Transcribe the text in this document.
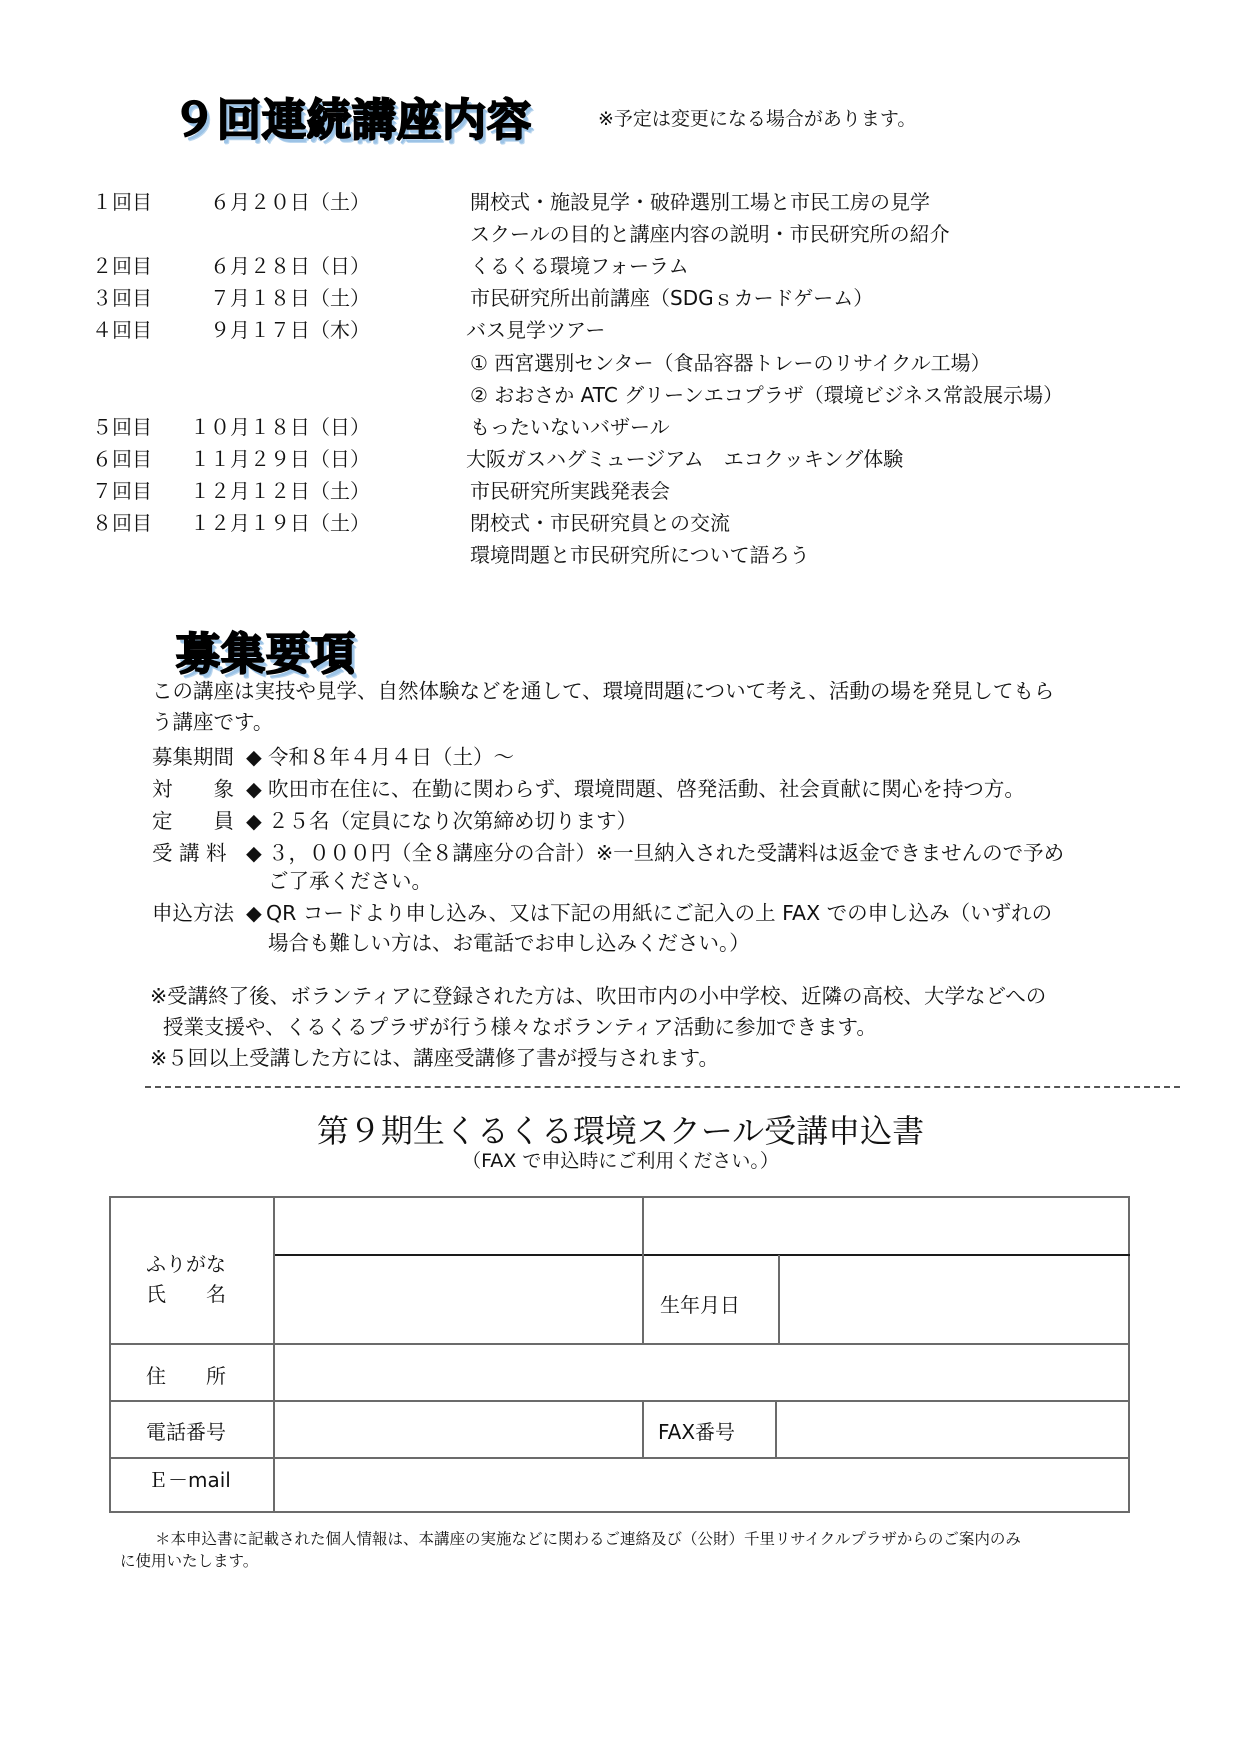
９回連続講座内容	※予定は変更になる場合があります。
１回目	６月２０日（土）	開校式・施設見学・破砕選別工場と市民工房の見学
スクールの目的と講座内容の説明・市民研究所の紹介
２回目	６月２８日（日）	くるくる環境フォーラム
３回目	７月１８日（土）	市民研究所出前講座（SDGｓカードゲーム）
４回目	９月１７日（木）	バス見学ツアー
① 西宮選別センター（食品容器トレーのリサイクル工場）
② おおさか ATC グリーンエコプラザ（環境ビジネス常設展示場）
５回目	１０月１８日（日）	もったいないバザール
６回目	１１月２９日（日）	大阪ガスハグミュージアム　エコクッキング体験
７回目	１２月１２日（土）	市民研究所実践発表会
８回目	１２月１９日（土）	閉校式・市民研究員との交流
環境問題と市民研究所について語ろう
募集要項
この講座は実技や見学、自然体験などを通して、環境問題について考え、活動の場を発見してもら
う講座です。
募集期間 ◆ 令和８年４月４日（土）～
対　　象 ◆ 吹田市在住に、在勤に関わらず、環境問題、啓発活動、社会貢献に関心を持つ方。
定　　員 ◆ ２５名（定員になり次第締め切ります）
受 講 料 ◆ ３，０００円（全８講座分の合計）※一旦納入された受講料は返金できませんので予め
ご了承ください。
申込方法 ◆ QR コードより申し込み、又は下記の用紙にご記入の上 FAX での申し込み（いずれの
場合も難しい方は、お電話でお申し込みください。）
※受講終了後、ボランティアに登録された方は、吹田市内の小中学校、近隣の高校、大学などへの
授業支援や、くるくるプラザが行う様々なボランティア活動に参加できます。
※５回以上受講した方には、講座受講修了書が授与されます。
第９期生くるくる環境スクール受講申込書
（FAX で申込時にご利用ください。）
ふりがな
氏　　名	生年月日
住　　所
電話番号	FAX番号
Ｅ－mail
＊本申込書に記載された個人情報は、本講座の実施などに関わるご連絡及び（公財）千里リサイクルプラザからのご案内のみ
に使用いたします。
